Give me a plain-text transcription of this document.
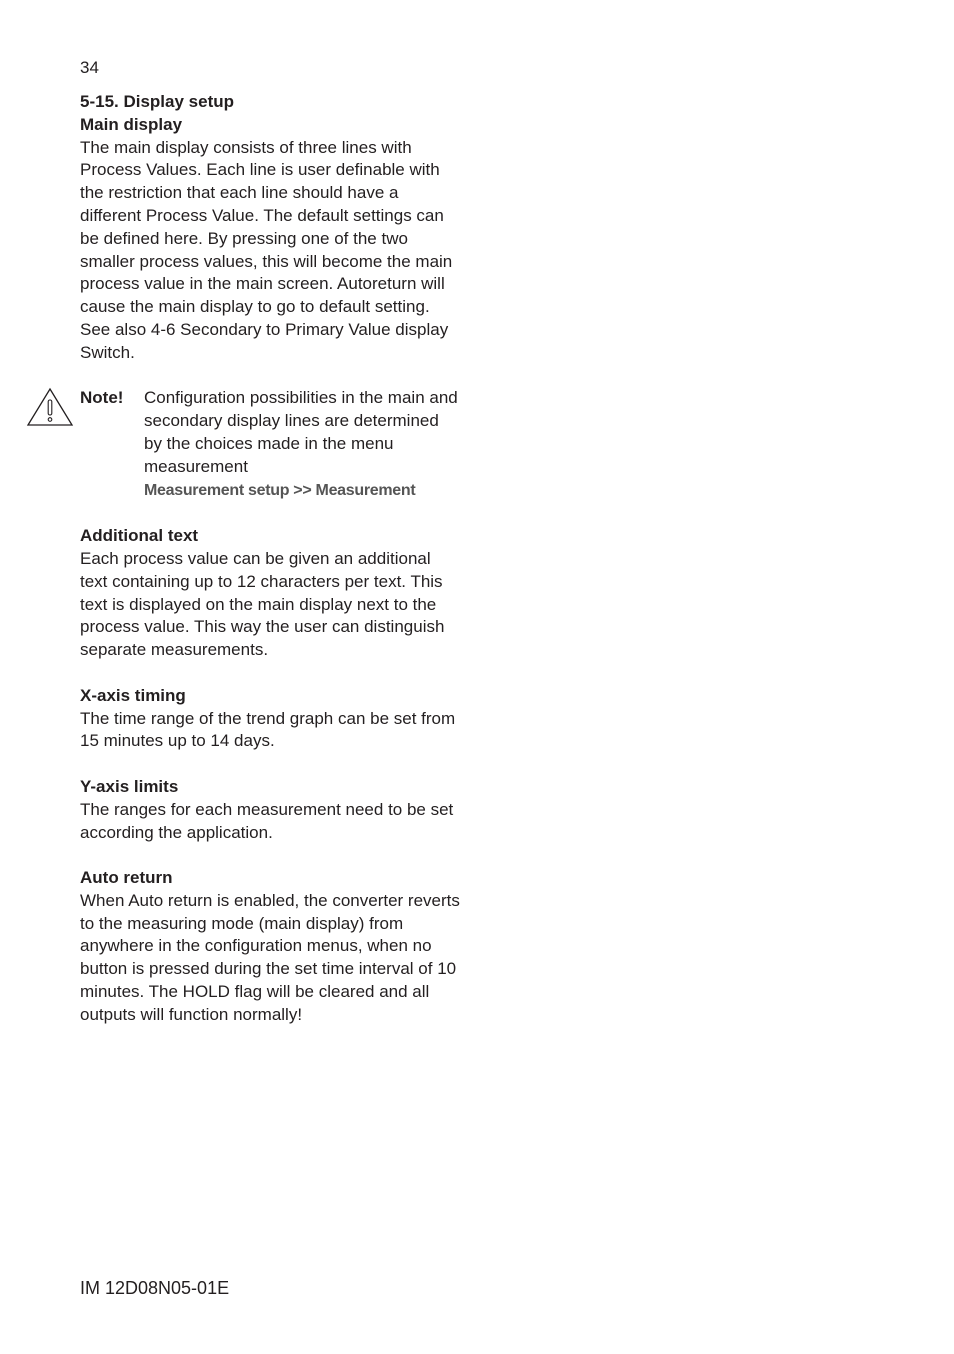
34

5-15. Display setup

Main display

The main display consists of three lines with Process Values. Each line is user definable with the restriction that each line should have a different Process Value. The default settings can be defined here. By pressing one of the two smaller process values, this will become the main process value in the main screen. Autoreturn will cause the main display to go to default setting.

See also 4-6 Secondary to Primary Value display Switch.

Note!	Configuration possibilities in the main and secondary display lines are determined by the choices made in the menu measurement
Measurement setup >> Measurement

Additional text

Each process value can be given an additional text containing up to 12 characters per text. This text is displayed on the main display next to the process value. This way the user can distinguish separate measurements.

X-axis timing

The time range of the trend graph can be set from 15 minutes up to 14 days.

Y-axis limits

The ranges for each measurement need to be set according the application.

Auto return

When Auto return is enabled, the converter reverts to the measuring mode (main display) from anywhere in the configuration menus, when no button is pressed during the set time interval of 10 minutes. The HOLD flag will be cleared and all outputs will function normally!

IM 12D08N05-01E
